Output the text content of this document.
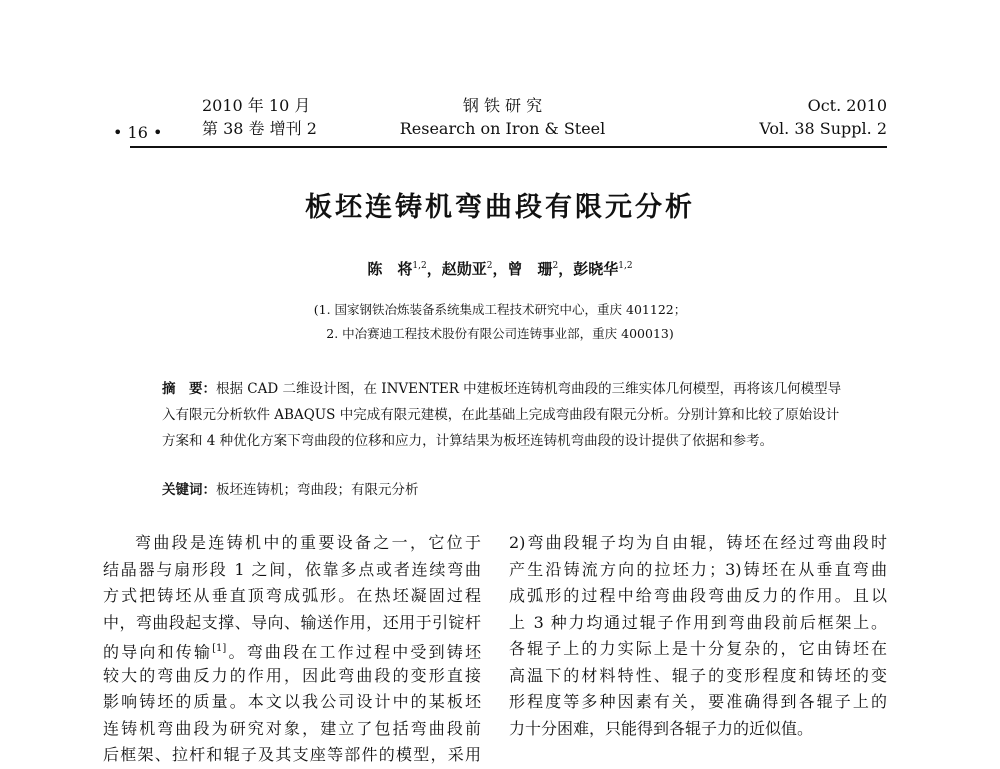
• 16 •
2010 年 10 月
第 38 卷 增刊 2
钢 铁 研 究
Research on Iron & Steel
Oct. 2010
Vol. 38 Suppl. 2
板坯连铸机弯曲段有限元分析
陈　将$^{1,2}$，赵勋亚$^2$，曾　珊$^2$，彭晓华$^{1,2}$
(1. 国家钢铁冶炼装备系统集成工程技术研究中心，重庆 401122；
2. 中冶赛迪工程技术股份有限公司连铸事业部，重庆 400013)
摘　要：根据 CAD 二维设计图，在 INVENTER 中建板坯连铸机弯曲段的三维实体几何模型，再将该几何模型导入有限元分析软件 ABAQUS 中完成有限元建模，在此基础上完成弯曲段有限元分析。分别计算和比较了原始设计方案和 4 种优化方案下弯曲段的位移和应力，计算结果为板坯连铸机弯曲段的设计提供了依据和参考。
关键词：板坯连铸机；弯曲段；有限元分析
弯曲段是连铸机中的重要设备之一，它位于
结晶器与扇形段 1 之间，依靠多点或者连续弯曲
方式把铸坯从垂直顶弯成弧形。在热坯凝固过程
中，弯曲段起支撑、导向、输送作用，还用于引锭杆
的导向和传输[1]。弯曲段在工作过程中受到铸坯
较大的弯曲反力的作用，因此弯曲段的变形直接
影响铸坯的质量。本文以我公司设计中的某板坯
连铸机弯曲段为研究对象，建立了包括弯曲段前
后框架、拉杆和辊子及其支座等部件的模型，采用
2)弯曲段辊子均为自由辊，铸坯在经过弯曲段时
产生沿铸流方向的拉坯力；3)铸坯在从垂直弯曲
成弧形的过程中给弯曲段弯曲反力的作用。且以
上 3 种力均通过辊子作用到弯曲段前后框架上。
各辊子上的力实际上是十分复杂的，它由铸坯在
高温下的材料特性、辊子的变形程度和铸坯的变
形程度等多种因素有关，要准确得到各辊子上的
力十分困难，只能得到各辊子力的近似值。
